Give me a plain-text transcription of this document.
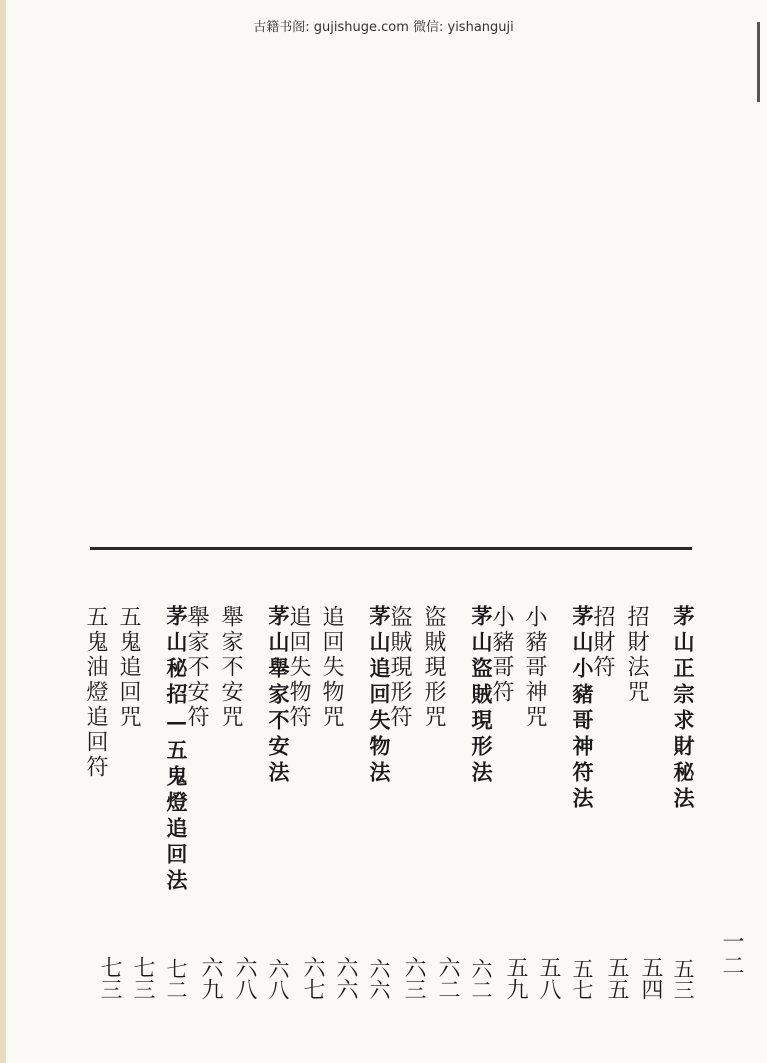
古籍书阁: gujishuge.com 微信: yishanguji
一二
茅山正宗求財秘法
五三
招財法咒
五四
招財符
五五
茅山小豬哥神符法
五七
小豬哥神咒
五八
小豬哥符
五九
茅山盜賊現形法
六二
盜賊現形咒
六二
盜賊現形符
六三
茅山追回失物法
六六
追回失物咒
六六
追回失物符
六七
茅山舉家不安法
六八
舉家不安咒
六八
舉家不安符
六九
茅山秘招—五鬼燈追回法
七二
五鬼追回咒
七三
五鬼油燈追回符
七三
